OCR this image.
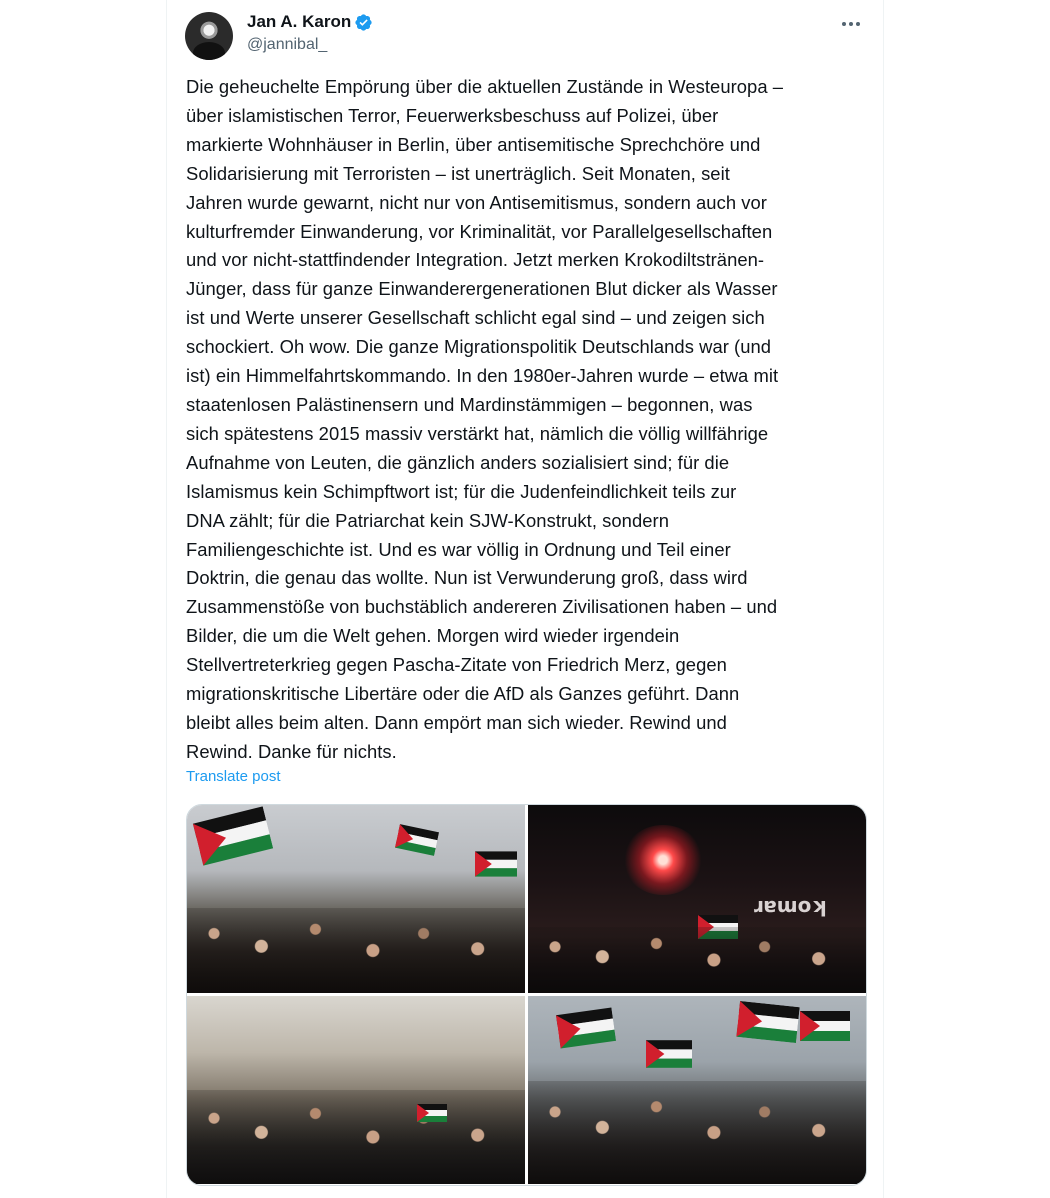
Jan A. Karon
@jannibal_
Die geheuchelte Empörung über die aktuellen Zustände in Westeuropa –
über islamistischen Terror, Feuerwerksbeschuss auf Polizei, über
markierte Wohnhäuser in Berlin, über antisemitische Sprechchöre und
Solidarisierung mit Terroristen – ist unerträglich. Seit Monaten, seit
Jahren wurde gewarnt, nicht nur von Antisemitismus, sondern auch vor
kulturfremder Einwanderung, vor Kriminalität, vor Parallelgesellschaften
und vor nicht-stattfindender Integration. Jetzt merken Krokodiltstränen-
Jünger, dass für ganze Einwanderergenerationen Blut dicker als Wasser
ist und Werte unserer Gesellschaft schlicht egal sind – und zeigen sich
schockiert. Oh wow. Die ganze Migrationspolitik Deutschlands war (und
ist) ein Himmelfahrtskommando. In den 1980er-Jahren wurde – etwa mit
staatenlosen Palästinensern und Mardinstämmigen – begonnen, was
sich spätestens 2015 massiv verstärkt hat, nämlich die völlig willfährige
Aufnahme von Leuten, die gänzlich anders sozialisiert sind; für die
Islamismus kein Schimpftwort ist; für die Judenfeindlichkeit teils zur
DNA zählt; für die Patriarchat kein SJW-Konstrukt, sondern
Familiengeschichte ist. Und es war völlig in Ordnung und Teil einer
Doktrin, die genau das wollte. Nun ist Verwunderung groß, dass wird
Zusammenstöße von buchstäblich andereren Zivilisationen haben – und
Bilder, die um die Welt gehen. Morgen wird wieder irgendein
Stellvertreterkrieg gegen Pascha-Zitate von Friedrich Merz, gegen
migrationskritische Libertäre oder die AfD als Ganzes geführt. Dann
bleibt alles beim alten. Dann empört man sich wieder. Rewind und
Rewind. Danke für nichts.
Translate post
ɹɐɯoʞ
